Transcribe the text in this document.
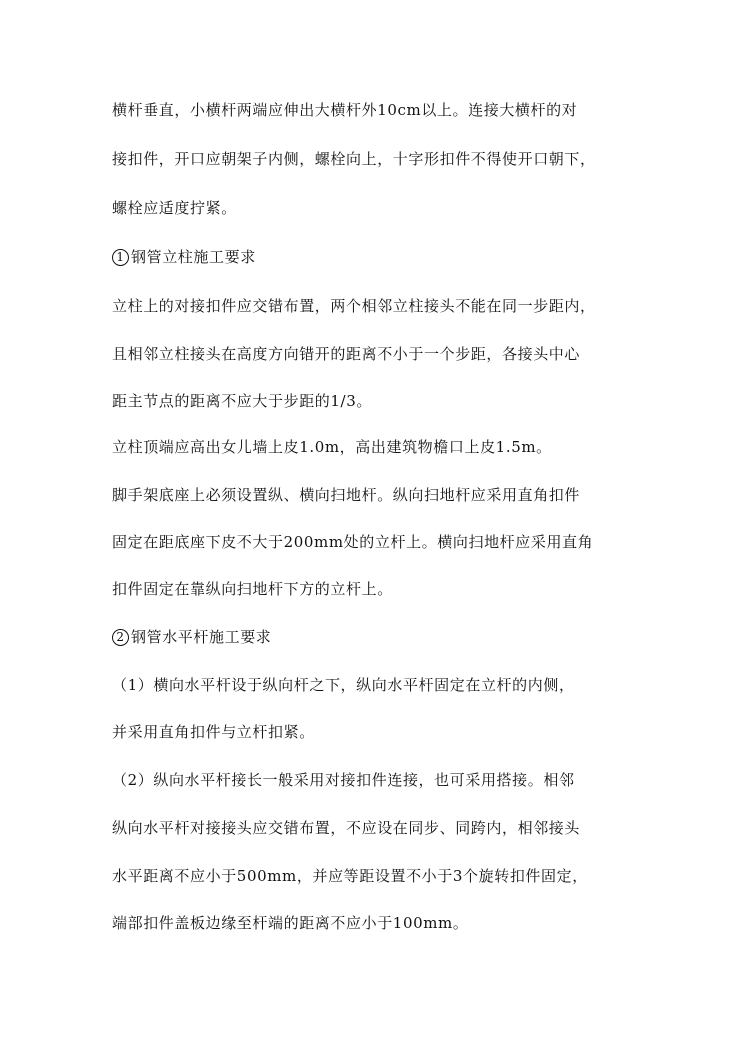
横杆垂直，小横杆两端应伸出大横杆外10cm以上。连接大横杆的对
接扣件，开口应朝架子内侧，螺栓向上，十字形扣件不得使开口朝下，
螺栓应适度拧紧。
1 钢管立柱施工要求
立柱上的对接扣件应交错布置，两个相邻立柱接头不能在同一步距内，
且相邻立柱接头在高度方向错开的距离不小于一个步距，各接头中心
距主节点的距离不应大于步距的1/3。
立柱顶端应高出女儿墙上皮1.0m，高出建筑物檐口上皮1.5m。
脚手架底座上必须设置纵、横向扫地杆。纵向扫地杆应采用直角扣件
固定在距底座下皮不大于200mm处的立杆上。横向扫地杆应采用直角
扣件固定在靠纵向扫地杆下方的立杆上。
2 钢管水平杆施工要求
（1）横向水平杆设于纵向杆之下，纵向水平杆固定在立杆的内侧，
并采用直角扣件与立杆扣紧。
（2）纵向水平杆接长一般采用对接扣件连接，也可采用搭接。相邻
纵向水平杆对接接头应交错布置，不应设在同步、同跨内，相邻接头
水平距离不应小于500mm，并应等距设置不小于3个旋转扣件固定，
端部扣件盖板边缘至杆端的距离不应小于100mm。
